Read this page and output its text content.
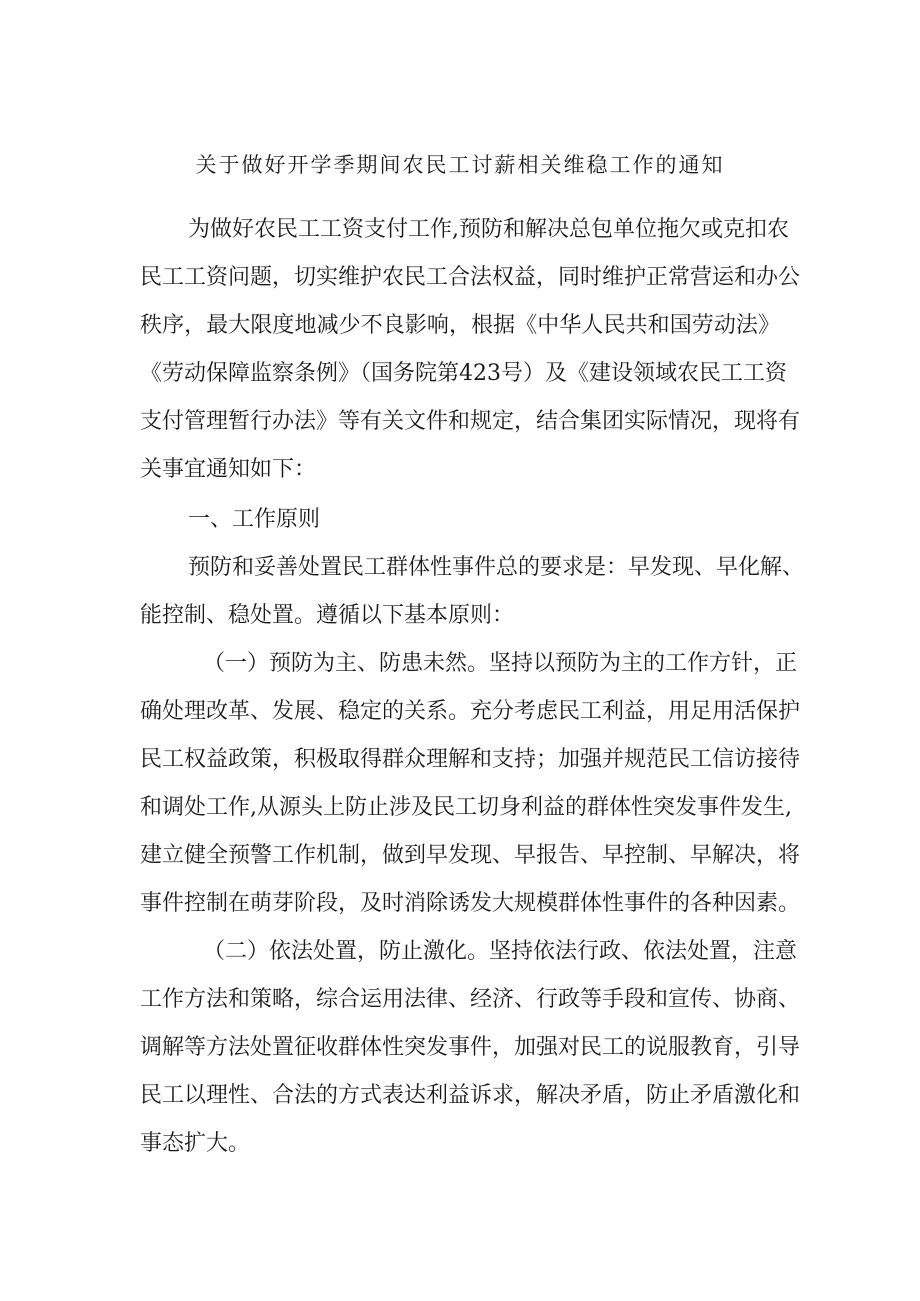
关于做好开学季期间农民工讨薪相关维稳工作的通知
为做好农民工工资支付工作,预防和解决总包单位拖欠或克扣农
民工工资问题，切实维护农民工合法权益，同时维护正常营运和办公
秩序，最大限度地减少不良影响，根据《中华人民共和国劳动法》
《劳动保障监察条例》（国务院第423号）及《建设领域农民工工资
支付管理暂行办法》等有关文件和规定，结合集团实际情况，现将有
关事宜通知如下：
一、工作原则
预防和妥善处置民工群体性事件总的要求是：早发现、早化解、
能控制、稳处置。遵循以下基本原则：
（一）预防为主、防患未然。坚持以预防为主的工作方针，正
确处理改革、发展、稳定的关系。充分考虑民工利益，用足用活保护
民工权益政策，积极取得群众理解和支持；加强并规范民工信访接待
和调处工作,从源头上防止涉及民工切身利益的群体性突发事件发生,
建立健全预警工作机制，做到早发现、早报告、早控制、早解决，将
事件控制在萌芽阶段，及时消除诱发大规模群体性事件的各种因素。
（二）依法处置，防止激化。坚持依法行政、依法处置，注意
工作方法和策略，综合运用法律、经济、行政等手段和宣传、协商、
调解等方法处置征收群体性突发事件，加强对民工的说服教育，引导
民工以理性、合法的方式表达利益诉求，解决矛盾，防止矛盾激化和
事态扩大。
